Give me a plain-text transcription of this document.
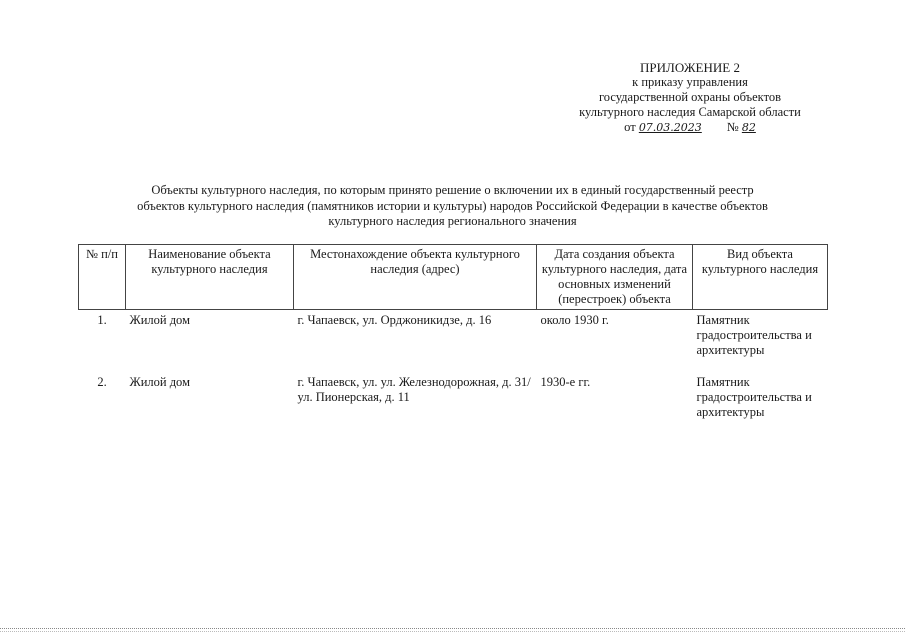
ПРИЛОЖЕНИЕ 2
к приказу управления
государственной охраны объектов
культурного наследия Самарской области
от 07.03.2023 № 82
Объекты культурного наследия, по которым принято решение о включении их в единый государственный реестр
объектов культурного наследия (памятников истории и культуры) народов Российской Федерации в качестве объектов
культурного наследия регионального значения
№ п/п	Наименование объекта культурного наследия	Местонахождение объекта культурного наследия (адрес)	Дата создания объекта культурного наследия, дата основных изменений (перестроек) объекта	Вид объекта культурного наследия
1.	Жилой дом	г. Чапаевск, ул. Орджоникидзе, д. 16	около 1930 г.	Памятник градостроительства и архитектуры
2.	Жилой дом	г. Чапаевск, ул. ул. Железнодорожная, д. 31/ул. Пионерская, д. 11	1930-е гг.	Памятник градостроительства и архитектуры
